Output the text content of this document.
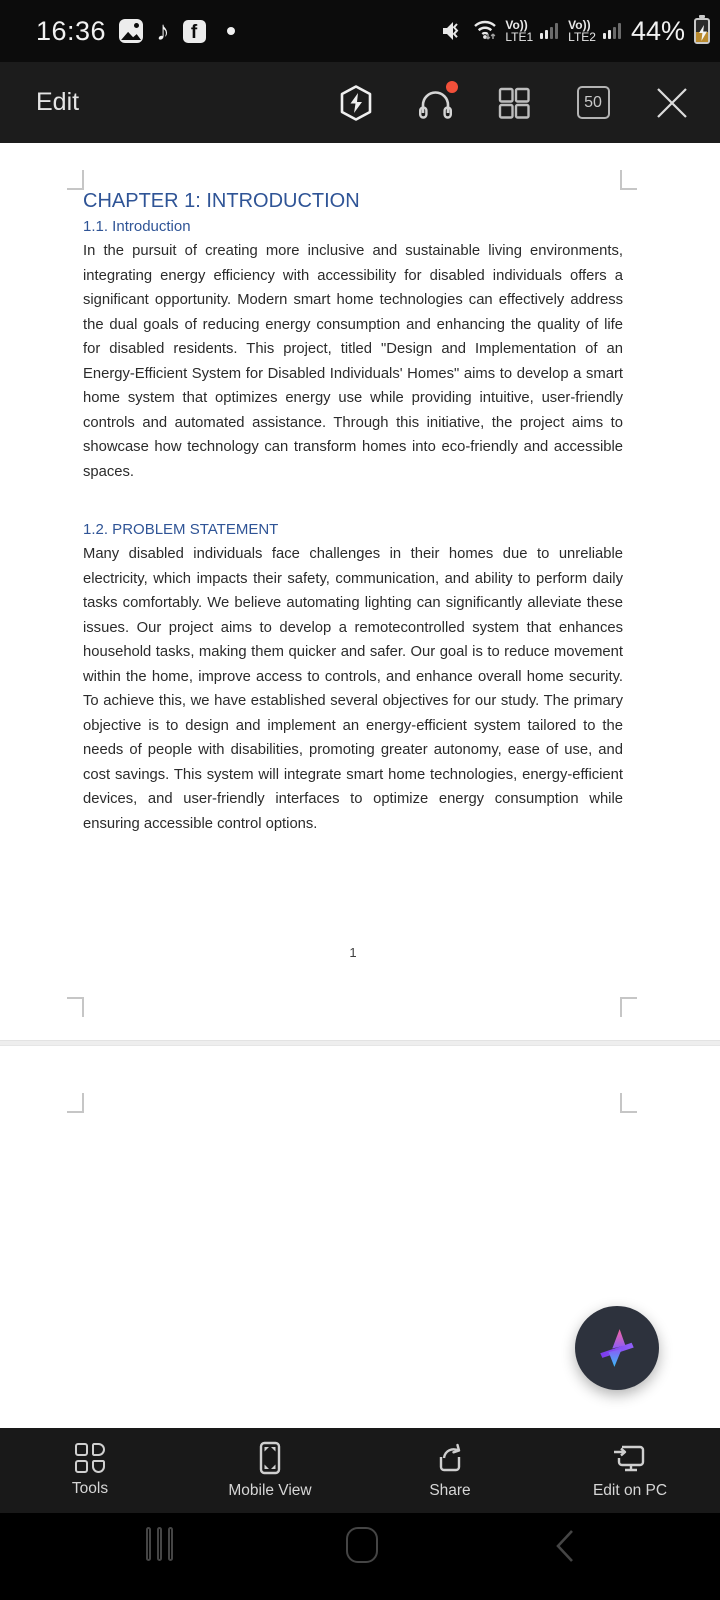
16:36 ♪	f	Vo))
LTE1
Vo))
LTE2 44%
Edit	50
CHAPTER 1: INTRODUCTION
1.1. Introduction
In the pursuit of creating more inclusive and sustainable living environments, integrating energy efficiency with accessibility for disabled individuals offers a significant opportunity. Modern smart home technologies can effectively address the dual goals of reducing energy consumption and enhancing the quality of life for disabled residents. This project, titled "Design and Implementation of an Energy-Efficient System for Disabled Individuals' Homes" aims to develop a smart home system that optimizes energy use while providing intuitive, user-friendly controls and automated assistance. Through this initiative, the project aims to showcase how technology can transform homes into eco-friendly and accessible spaces.
1.2. PROBLEM STATEMENT
Many disabled individuals face challenges in their homes due to unreliable electricity, which impacts their safety, communication, and ability to perform daily tasks comfortably. We believe automating lighting can significantly alleviate these issues. Our project aims to develop a remotecontrolled system that enhances household tasks, making them quicker and safer. Our goal is to reduce movement within the home, improve access to controls, and enhance overall home security. To achieve this, we have established several objectives for our study. The primary objective is to design and implement an energy-efficient system tailored to the needs of people with disabilities, promoting greater autonomy, ease of use, and cost savings. This system will integrate smart home technologies, energy-efficient devices, and user-friendly interfaces to optimize energy consumption while ensuring accessible control options.
1
Tools	Mobile View	Share	Edit on PC
